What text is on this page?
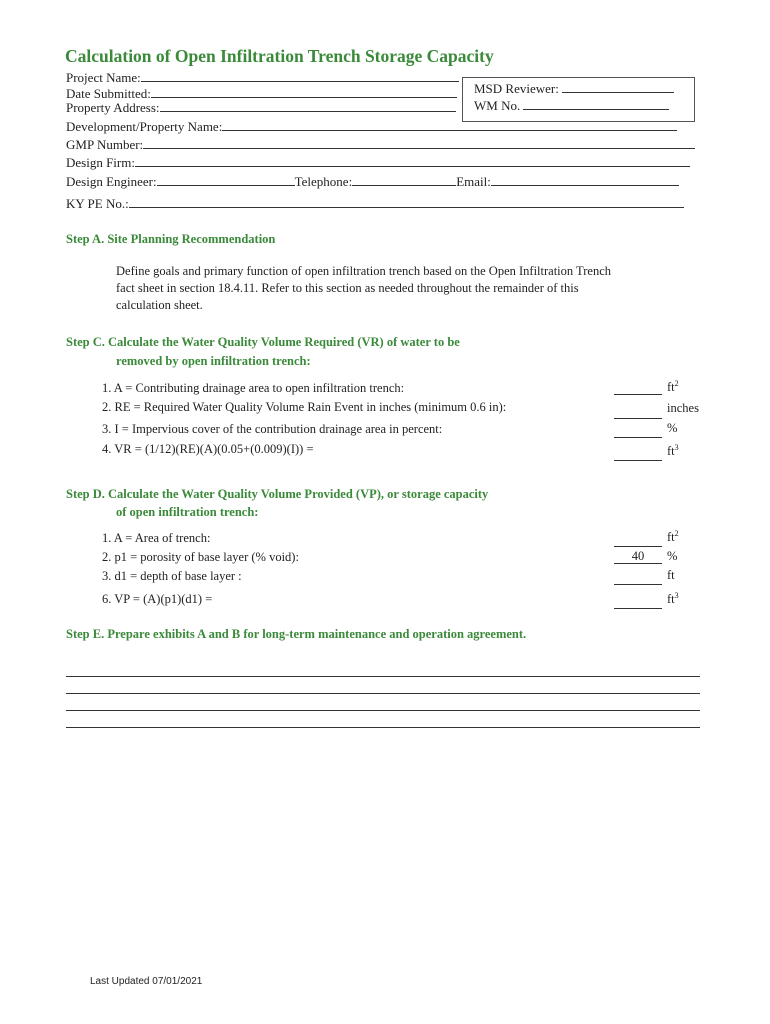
Calculation of Open Infiltration Trench Storage Capacity
Project Name:
Date Submitted:
Property Address:
MSD Reviewer:
WM No.
Development/Property Name:
GMP Number:
Design Firm:
Design Engineer:	Telephone:	Email:
KY PE No.:
Step A. Site Planning Recommendation
Define goals and primary function of open infiltration trench based on the Open Infiltration Trench fact sheet in section 18.4.11. Refer to this section as needed throughout the remainder of this calculation sheet.
Step C. Calculate the Water Quality Volume Required (VR) of water to be
removed by open infiltration trench:
1. A = Contributing drainage area to open infiltration trench:	$ft^2$
2. RE = Required Water Quality Volume Rain Event in inches (minimum 0.6 in):	inches
3. I = Impervious cover of the contribution drainage area in percent:	%
4. VR = (1/12)(RE)(A)(0.05+(0.009)(I)) =	$ft^3$
Step D. Calculate the Water Quality Volume Provided (VP), or storage capacity
of open infiltration trench:
1. A = Area of trench:	$ft^2$
2. p1 = porosity of base layer (% void):	40	%
3. d1 = depth of base layer :	ft
6. VP = (A)(p1)(d1) =	$ft^3$
Step E. Prepare exhibits A and B for long-term maintenance and operation agreement.
Last Updated 07/01/2021
